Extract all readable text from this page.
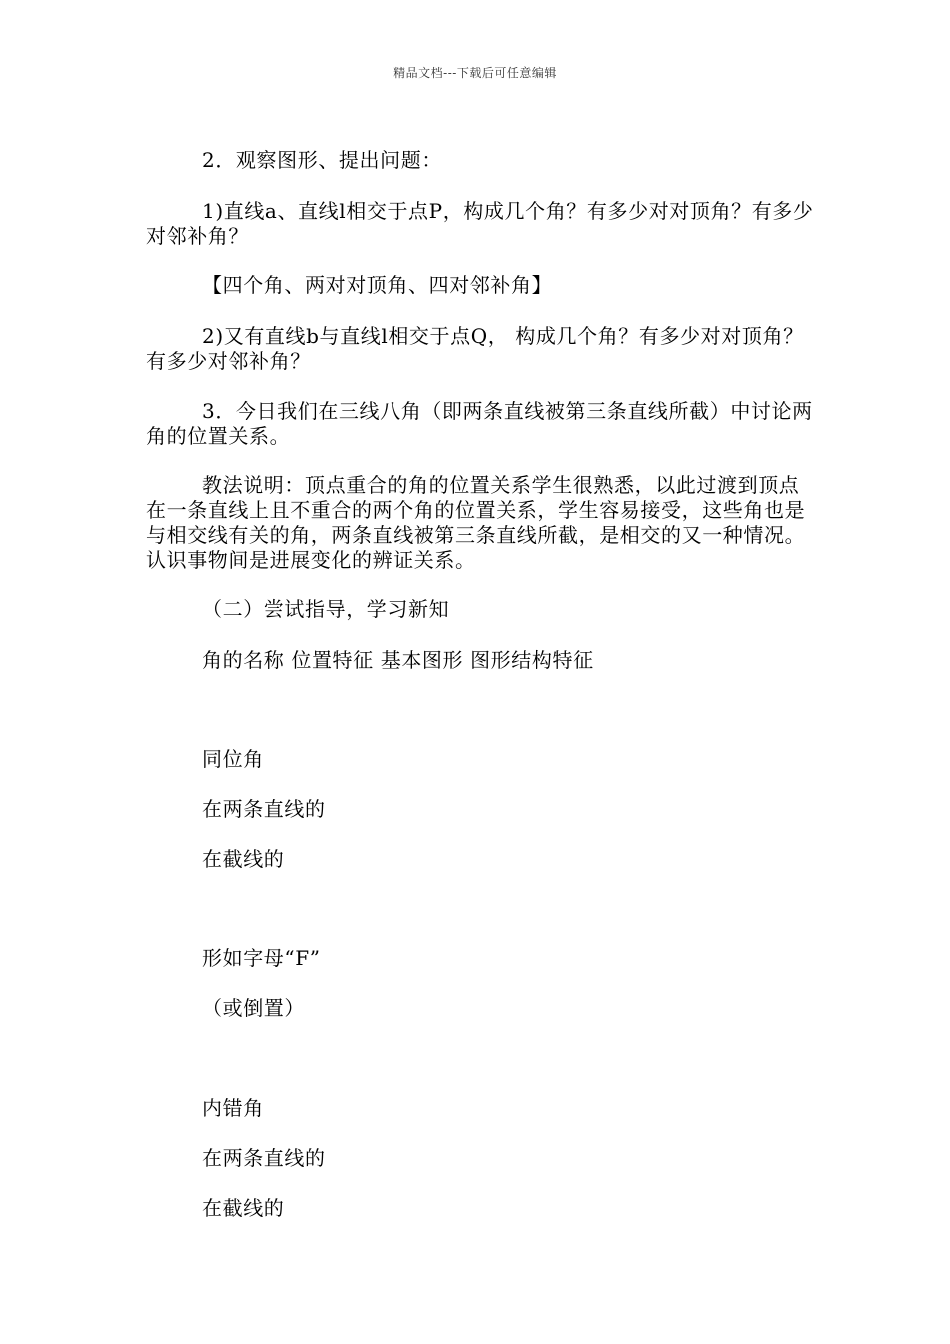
精品文档---下载后可任意编辑

2．观察图形、提出问题：

1)直线a、直线l相交于点P，构成几个角？有多少对对顶角？有多少对邻补角？

【四个角、两对对顶角、四对邻补角】

2)又有直线b与直线l相交于点Q， 构成几个角？有多少对对顶角？有多少对邻补角？

3．今日我们在三线八角（即两条直线被第三条直线所截）中讨论两角的位置关系。

教法说明：顶点重合的角的位置关系学生很熟悉，以此过渡到顶点在一条直线上且不重合的两个角的位置关系，学生容易接受，这些角也是与相交线有关的角，两条直线被第三条直线所截，是相交的又一种情况。认识事物间是进展变化的辨证关系。

（二）尝试指导，学习新知

角的名称 位置特征 基本图形 图形结构特征
同位角
在两条直线的
在截线的
形如字母“F”
（或倒置）
内错角
在两条直线的
在截线的
